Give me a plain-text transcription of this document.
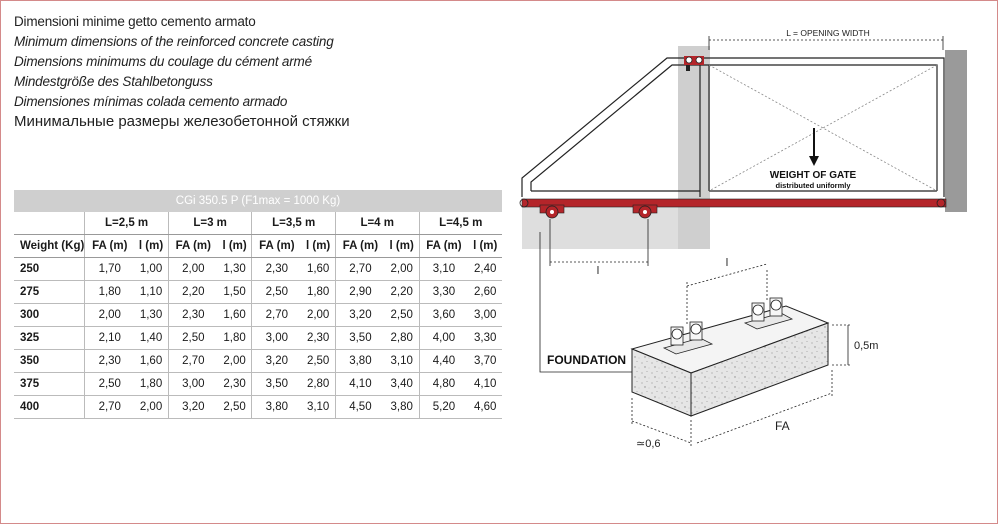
Dimensioni minime getto cemento armato
Minimum dimensions of the reinforced concrete casting
Dimensions minimums du coulage du cément armé
Mindestgröße des Stahlbetonguss
Dimensiones mínimas colada cemento armado
Минимальные размеры железобетонной стяжки
CGi 350.5 P (F1max = 1000 Kg)										
	L=2,5 m		L=3 m		L=3,5 m		L=4 m		L=4,5 m	
Weight (Kg)	FA (m)	l (m)	FA (m)	l (m)	FA (m)	l (m)	FA (m)	l (m)	FA (m)	l (m)
250	1,70	1,00	2,00	1,30	2,30	1,60	2,70	2,00	3,10	2,40
275	1,80	1,10	2,20	1,50	2,50	1,80	2,90	2,20	3,30	2,60
300	2,00	1,30	2,30	1,60	2,70	2,00	3,20	2,50	3,60	3,00
325	2,10	1,40	2,50	1,80	3,00	2,30	3,50	2,80	4,00	3,30
350	2,30	1,60	2,70	2,00	3,20	2,50	3,80	3,10	4,40	3,70
375	2,50	1,80	3,00	2,30	3,50	2,80	4,10	3,40	4,80	4,10
400	2,70	2,00	3,20	2,50	3,80	3,10	4,50	3,80	5,20	4,60
L = OPENING WIDTH
WEIGHT OF GATE
distributed uniformly
l
FOUNDATION
l
0,5m
≃0,6
FA
